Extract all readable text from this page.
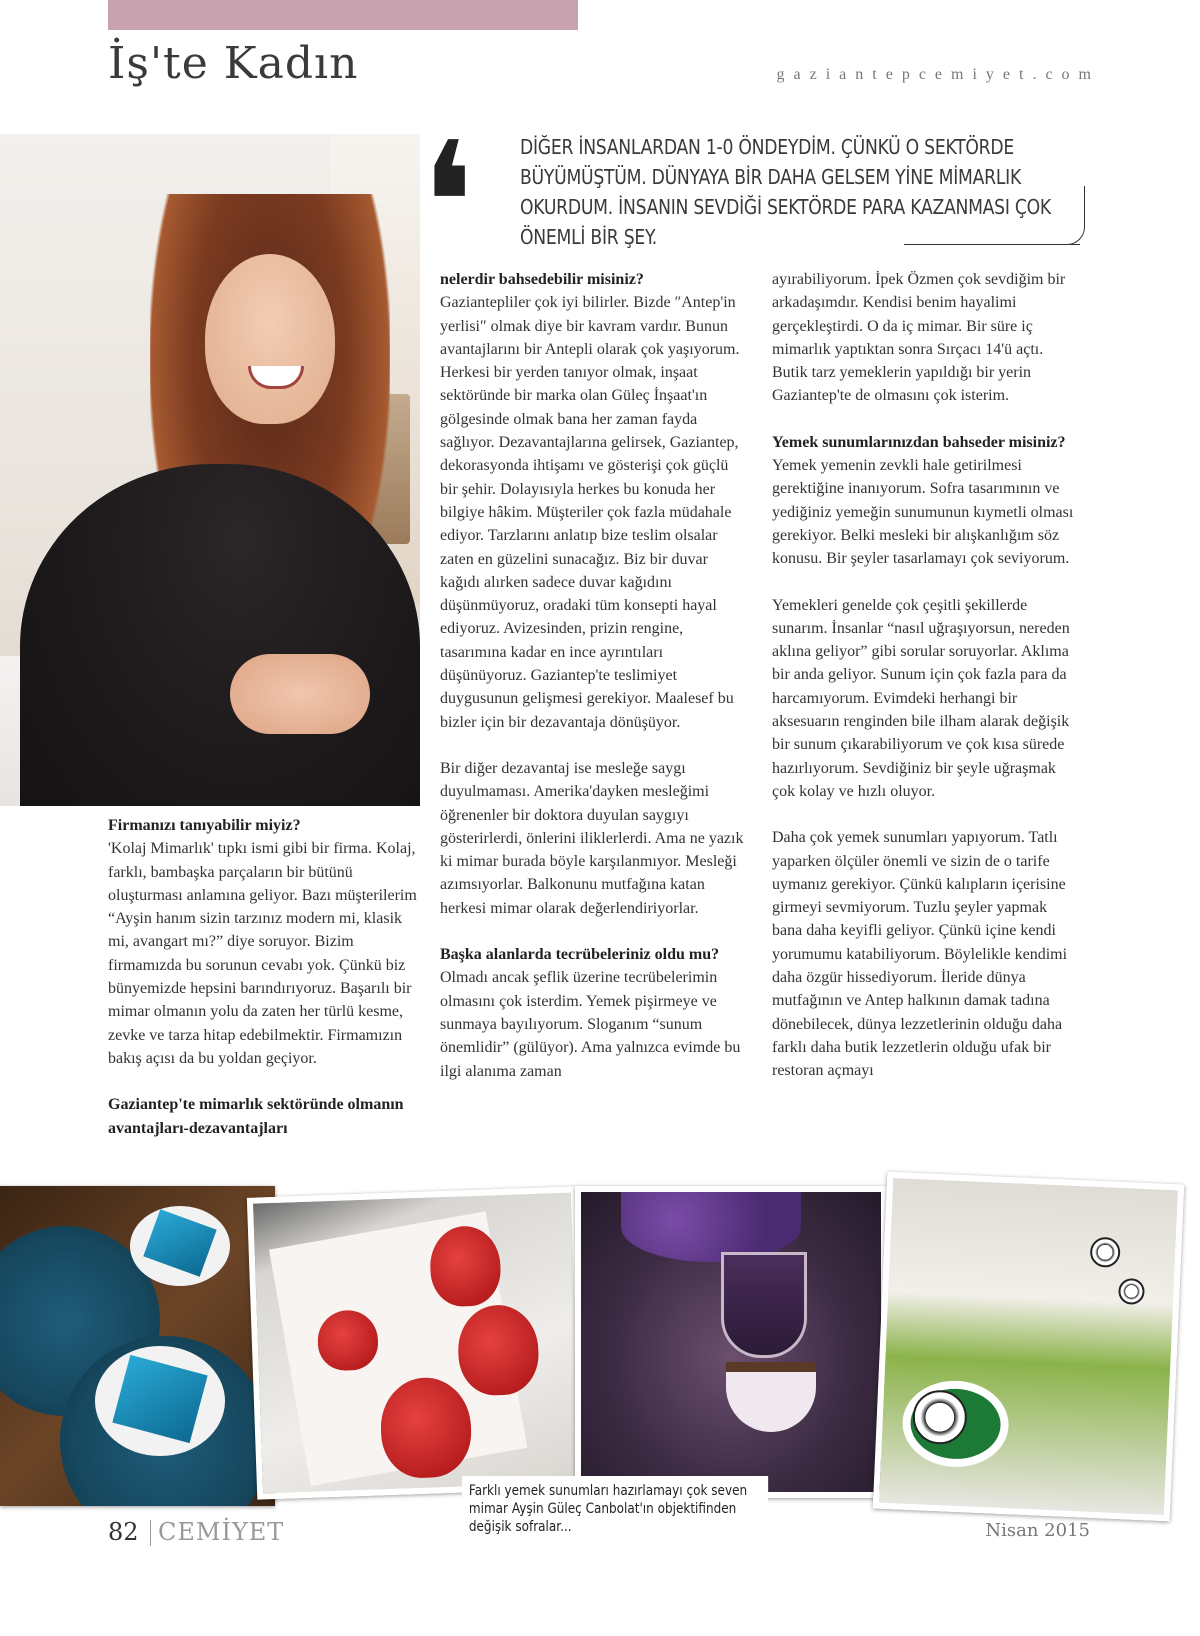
İş'te Kadın	gaziantepcemiyet.com
❛ DİĞER İNSANLARDAN 1-0 ÖNDEYDİM. ÇÜNKÜ O SEKTÖRDE BÜYÜMÜŞTÜM. DÜNYAYA BİR DAHA GELSEM YİNE MİMARLIK OKURDUM. İNSANIN SEVDİĞİ SEKTÖRDE PARA KAZANMASI ÇOK ÖNEMLİ BİR ŞEY.

Firmanızı tanıyabilir miyiz?

'Kolaj Mimarlık' tıpkı ismi gibi bir firma. Kolaj, farklı, bambaşka parçaların bir bütünü oluşturması anlamına geliyor. Bazı müşterilerim “Ayşin hanım sizin tarzınız modern mi, klasik mi, avangart mı?” diye soruyor. Bizim firmamızda bu sorunun cevabı yok. Çünkü biz bünyemizde hepsini barındırıyoruz. Başarılı bir mimar olmanın yolu da zaten her türlü kesme, zevke ve tarza hitap edebilmektir. Firmamızın bakış açısı da bu yoldan geçiyor.

Gaziantep'te mimarlık sektöründe olmanın avantajları-dezavantajları

nelerdir bahsedebilir misiniz?

Gaziantepliler çok iyi bilirler. Bizde ″Antep'in yerlisi″ olmak diye bir kavram vardır. Bunun avantajlarını bir Antepli olarak çok yaşıyorum. Herkesi bir yerden tanıyor olmak, inşaat sektöründe bir marka olan Güleç İnşaat'ın gölgesinde olmak bana her zaman fayda sağlıyor. Dezavantajlarına gelirsek, Gaziantep, dekorasyonda ihtişamı ve gösterişi çok güçlü bir şehir. Dolayısıyla herkes bu konuda her bilgiye hâkim. Müşteriler çok fazla müdahale ediyor. Tarzlarını anlatıp bize teslim olsalar zaten en güzelini sunacağız. Biz bir duvar kağıdı alırken sadece duvar kağıdını düşünmüyoruz, oradaki tüm konsepti hayal ediyoruz. Avizesinden, prizin rengine, tasarımına kadar en ince ayrıntıları düşünüyoruz. Gaziantep'te teslimiyet duygusunun gelişmesi gerekiyor. Maalesef bu bizler için bir dezavantaja dönüşüyor.

Bir diğer dezavantaj ise mesleğe saygı duyulmaması. Amerika'dayken mesleğimi öğrenenler bir doktora duyulan saygıyı gösterirlerdi, önlerini iliklerlerdi. Ama ne yazık ki mimar burada böyle karşılanmıyor. Mesleği azımsıyorlar. Balkonunu mutfağına katan herkesi mimar olarak değerlendiriyorlar.

Başka alanlarda tecrübeleriniz oldu mu?

Olmadı ancak şeflik üzerine tecrübelerimin olmasını çok isterdim. Yemek pişirmeye ve sunmaya bayılıyorum. Sloganım “sunum önemlidir” (gülüyor). Ama yalnızca evimde bu ilgi alanıma zaman

ayırabiliyorum. İpek Özmen çok sevdiğim bir arkadaşımdır. Kendisi benim hayalimi gerçekleştirdi. O da iç mimar. Bir süre iç mimarlık yaptıktan sonra Sırçacı 14'ü açtı. Butik tarz yemeklerin yapıldığı bir yerin Gaziantep'te de olmasını çok isterim.

Yemek sunumlarınızdan bahseder misiniz?

Yemek yemenin zevkli hale getirilmesi gerektiğine inanıyorum. Sofra tasarımının ve yediğiniz yemeğin sunumunun kıymetli olması gerekiyor. Belki mesleki bir alışkanlığım söz konusu. Bir şeyler tasarlamayı çok seviyorum.

Yemekleri genelde çok çeşitli şekillerde sunarım. İnsanlar “nasıl uğraşıyorsun, nereden aklına geliyor” gibi sorular soruyorlar. Aklıma bir anda geliyor. Sunum için çok fazla para da harcamıyorum. Evimdeki herhangi bir aksesuarın renginden bile ilham alarak değişik bir sunum çıkarabiliyorum ve çok kısa sürede hazırlıyorum. Sevdiğiniz bir şeyle uğraşmak çok kolay ve hızlı oluyor.

Daha çok yemek sunumları yapıyorum. Tatlı yaparken ölçüler önemli ve sizin de o tarife uymanız gerekiyor. Çünkü kalıpların içerisine girmeyi sevmiyorum. Tuzlu şeyler yapmak bana daha keyifli geliyor. Çünkü içine kendi yorumumu katabiliyorum. Böylelikle kendimi daha özgür hissediyorum. İleride dünya mutfağının ve Antep halkının damak tadına dönebilecek, dünya lezzetlerinin olduğu daha farklı daha butik lezzetlerin olduğu ufak bir restoran açmayı

Farklı yemek sunumları hazırlamayı çok seven mimar Ayşin Güleç Canbolat'ın objektifinden değişik sofralar...
82 CEMİYET	Nisan 2015
